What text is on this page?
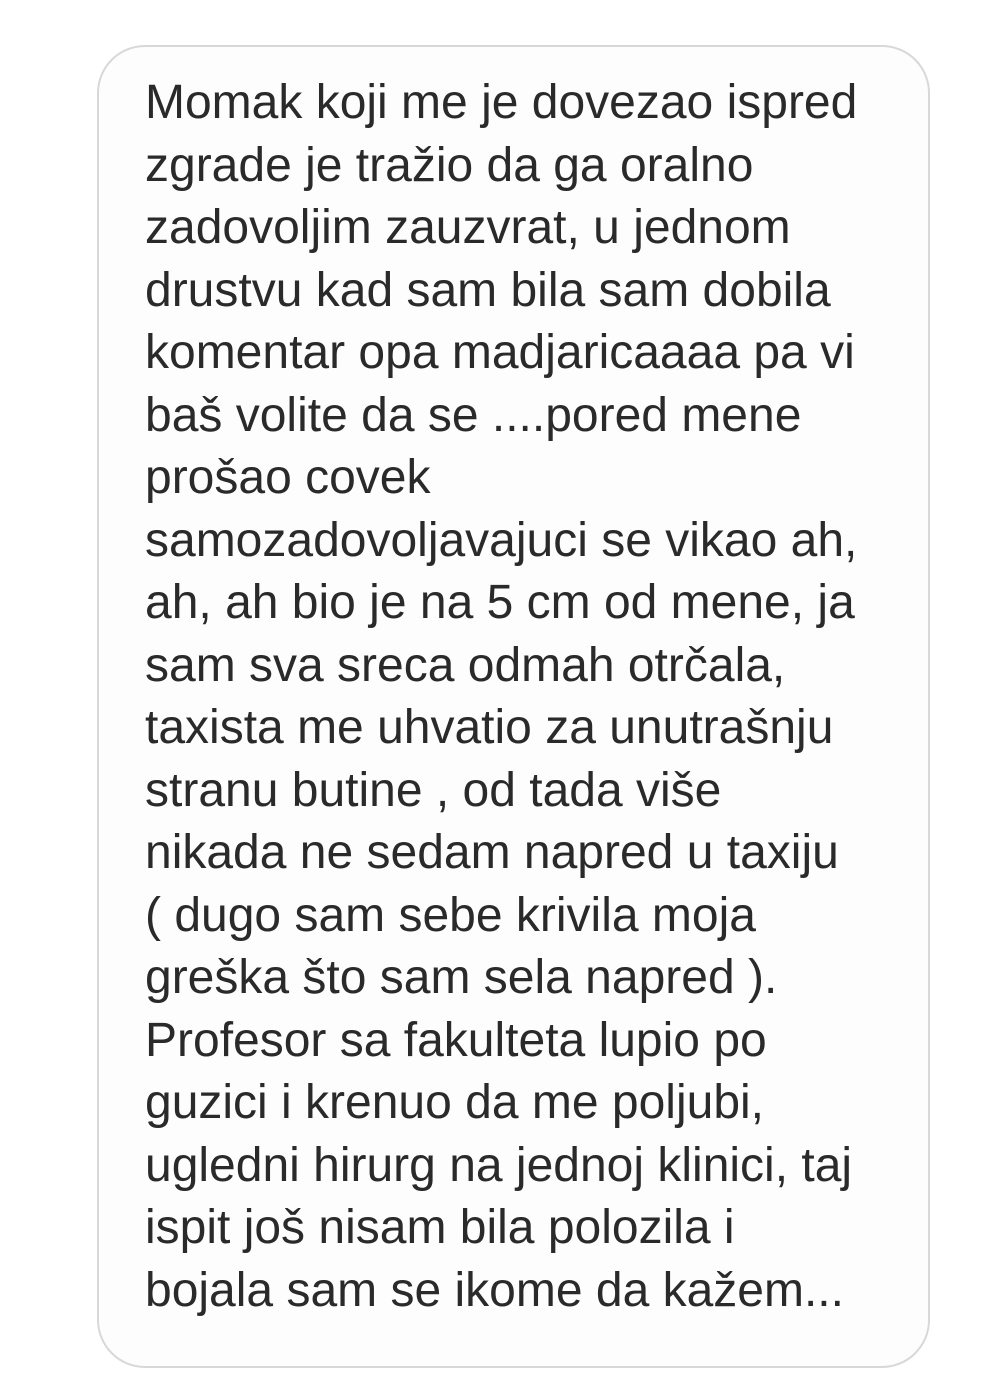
Momak koji me je dovezao ispred
zgrade je tražio da ga oralno
zadovoljim zauzvrat, u jednom
drustvu kad sam bila sam dobila
komentar opa madjaricaaaa pa vi
baš volite da se ....pored mene
prošao covek
samozadovoljavajuci se vikao ah,
ah, ah bio je na 5 cm od mene, ja
sam sva sreca odmah otrčala,
taxista me uhvatio za unutrašnju
stranu butine , od tada više
nikada ne sedam napred u taxiju
( dugo sam sebe krivila moja
greška što sam sela napred ).
Profesor sa fakulteta lupio po
guzici i krenuo da me poljubi,
ugledni hirurg na jednoj klinici, taj
ispit još nisam bila polozila i
bojala sam se ikome da kažem...
